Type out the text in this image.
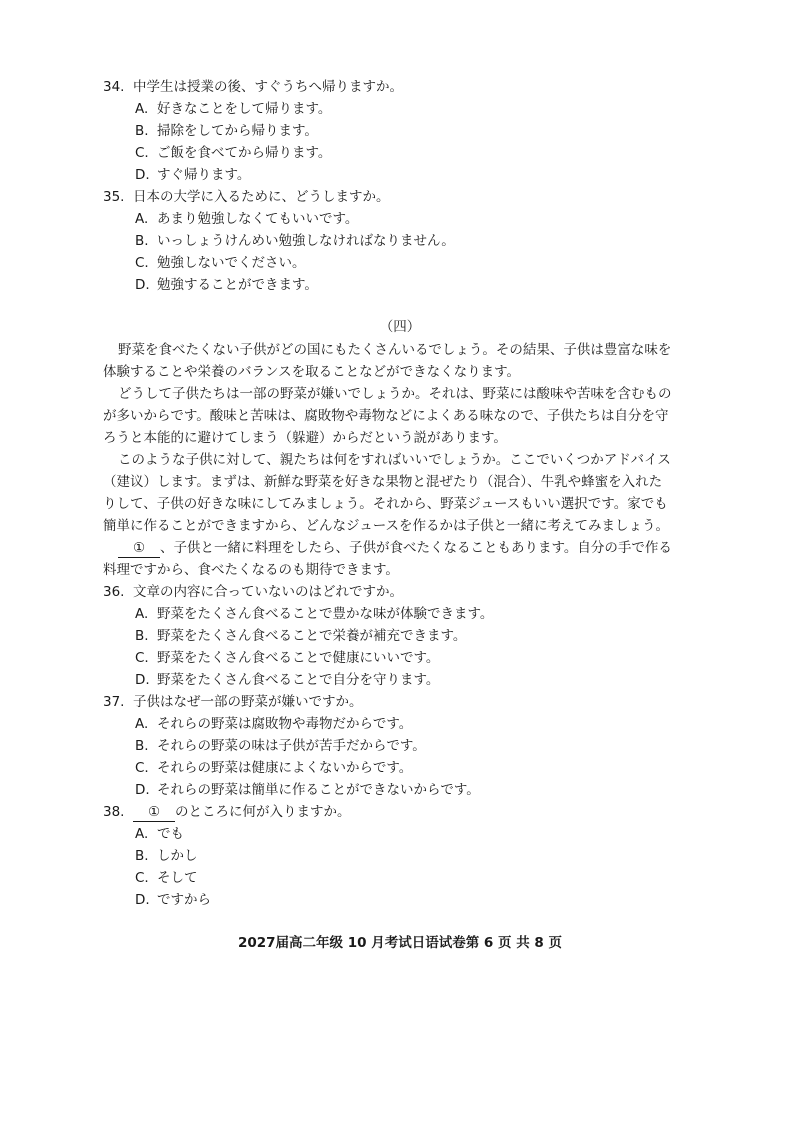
34. 中学生は授業の後、すぐうちへ帰りますか。
A. 好きなことをして帰ります。
B. 掃除をしてから帰ります。
C. ご飯を食べてから帰ります。
D. すぐ帰ります。
35. 日本の大学に入るために、どうしますか。
A. あまり勉強しなくてもいいです。
B. いっしょうけんめい勉強しなければなりません。
C. 勉強しないでください。
D. 勉強することができます。
（四）
野菜を食べたくない子供がどの国にもたくさんいるでしょう。その結果、子供は豊富な味を
体験することや栄養のバランスを取ることなどができなくなります。
どうして子供たちは一部の野菜が嫌いでしょうか。それは、野菜には酸味や苦味を含むもの
が多いからです。酸味と苦味は、腐敗物や毒物などによくある味なので、子供たちは自分を守
ろうと本能的に避けてしまう（躲避）からだという説があります。
このような子供に対して、親たちは何をすればいいでしょうか。ここでいくつかアドバイス
（建议）します。まずは、新鮮な野菜を好きな果物と混ぜたり（混合）、牛乳や蜂蜜を入れた
りして、子供の好きな味にしてみましょう。それから、野菜ジュースもいい選択です。家でも
簡単に作ることができますから、どんなジュースを作るかは子供と一緒に考えてみましょう。
① 、子供と一緒に料理をしたら、子供が食べたくなることもあります。自分の手で作る
料理ですから、食べたくなるのも期待できます。
36. 文章の内容に合っていないのはどれですか。
A. 野菜をたくさん食べることで豊かな味が体験できます。
B. 野菜をたくさん食べることで栄養が補充できます。
C. 野菜をたくさん食べることで健康にいいです。
D. 野菜をたくさん食べることで自分を守ります。
37. 子供はなぜ一部の野菜が嫌いですか。
A. それらの野菜は腐敗物や毒物だからです。
B. それらの野菜の味は子供が苦手だからです。
C. それらの野菜は健康によくないからです。
D. それらの野菜は簡単に作ることができないからです。
38. ① のところに何が入りますか。
A. でも
B. しかし
C. そして
D. ですから
2027届高二年级 10 月考试日语试卷第 6 页 共 8 页
